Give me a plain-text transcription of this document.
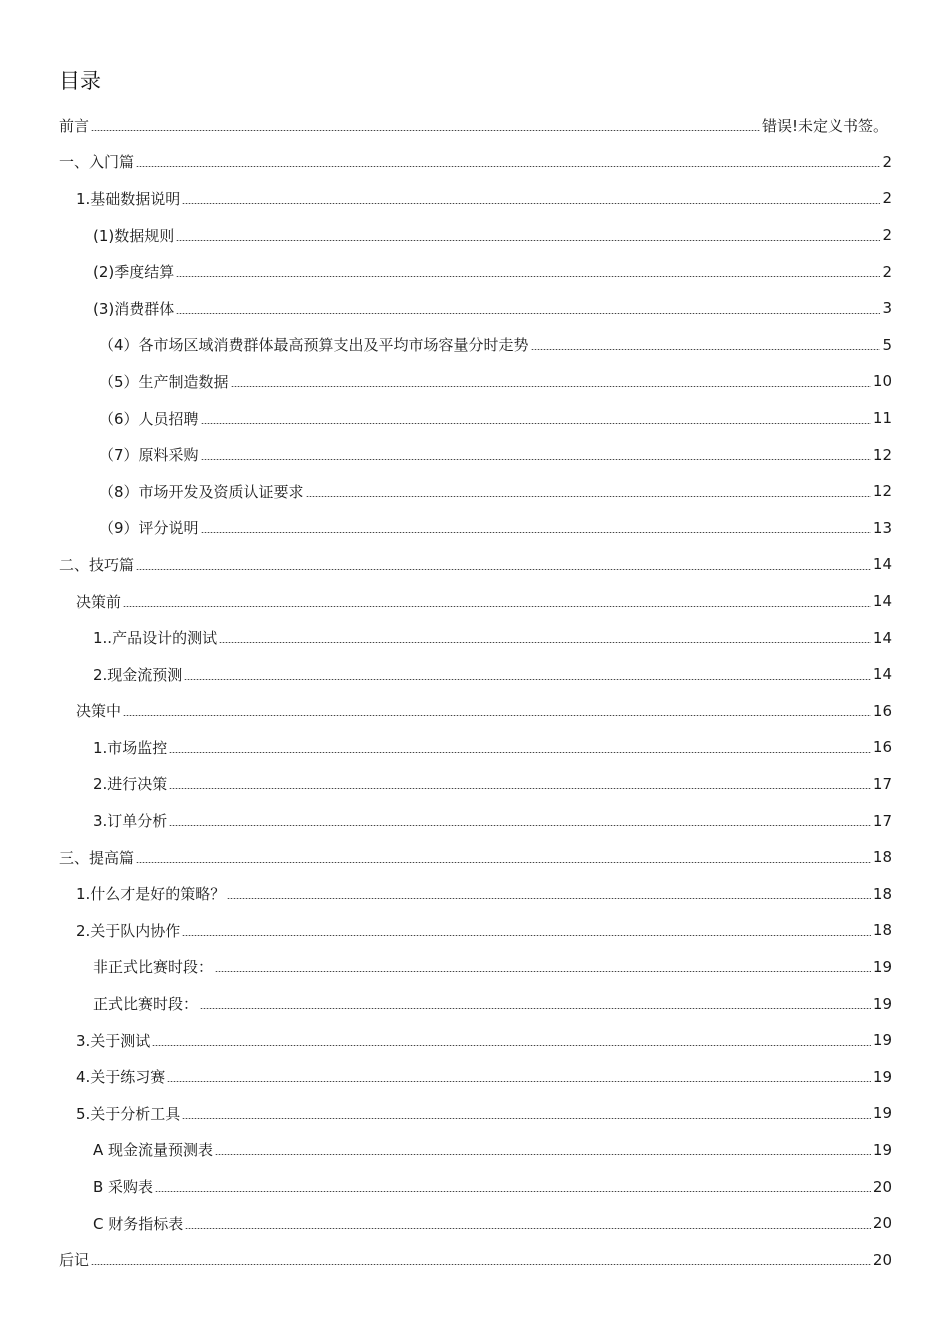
目录
前言	错误!未定义书签。
一、入门篇	2
1.基础数据说明	2
(1)数据规则	2
(2)季度结算	2
(3)消费群体	3
（4）各市场区域消费群体最高预算支出及平均市场容量分时走势	5
（5）生产制造数据	10
（6）人员招聘	11
（7）原料采购	12
（8）市场开发及资质认证要求	12
（9）评分说明	13
二、技巧篇	14
决策前	14
1..产品设计的测试	14
2.现金流预测	14
决策中	16
1.市场监控	16
2.进行决策	17
3.订单分析	17
三、提高篇	18
1.什么才是好的策略？	18
2.关于队内协作	18
非正式比赛时段：	19
正式比赛时段：	19
3.关于测试	19
4.关于练习赛	19
5.关于分析工具	19
A 现金流量预测表	19
B 采购表	20
C 财务指标表	20
后记	20
